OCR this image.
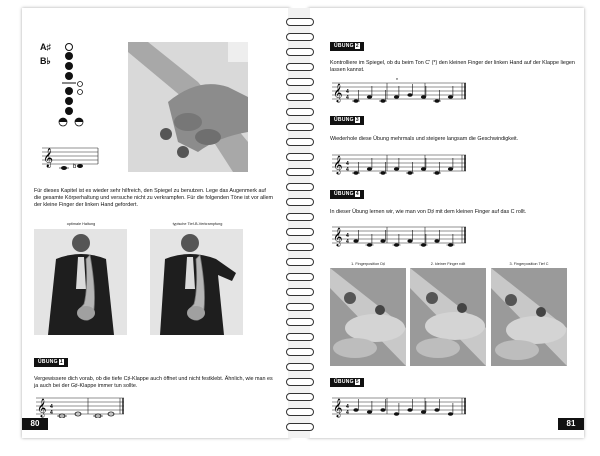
A♯
B♭
𝄞	b
Für dieses Kapitel ist es wieder sehr hilfreich, den Spiegel zu benutzen. Lege das Augenmerk auf die gesamte Körperhaltung und versuche nicht zu verkrampfen. Für die folgenden Töne ist vor allem der kleine Finger der linken Hand gefordert.
optimale Haltung	typische Tief-B-Verkrampfung
ÜBUNG 1
Vergewissere dich vorab, ob die tiefe C♯-Klappe auch öffnet und nicht festklebt. Ähnlich, wie man es ja auch bei der G♯-Klappe immer tun sollte.
𝄞 4
4
80
ÜBUNG 2
Kontrolliere im Spiegel, ob du beim Ton C' (*) den kleinen Finger der linken Hand auf der Klappe liegen lassen kannst.
𝄞 4
4
*
ÜBUNG 3
Wiederhole diese Übung mehrmals und steigere langsam die Geschwindigkeit.
𝄞 4
4
ÜBUNG 4
In dieser Übung lernen wir, wie man von D♯ mit dem kleinen Finger auf das C rollt.
𝄞 4
4
1. Fingerposition D♯	2. kleiner Finger rollt	3. Fingerposition Tief C
ÜBUNG 5
𝄞 4
4
81
